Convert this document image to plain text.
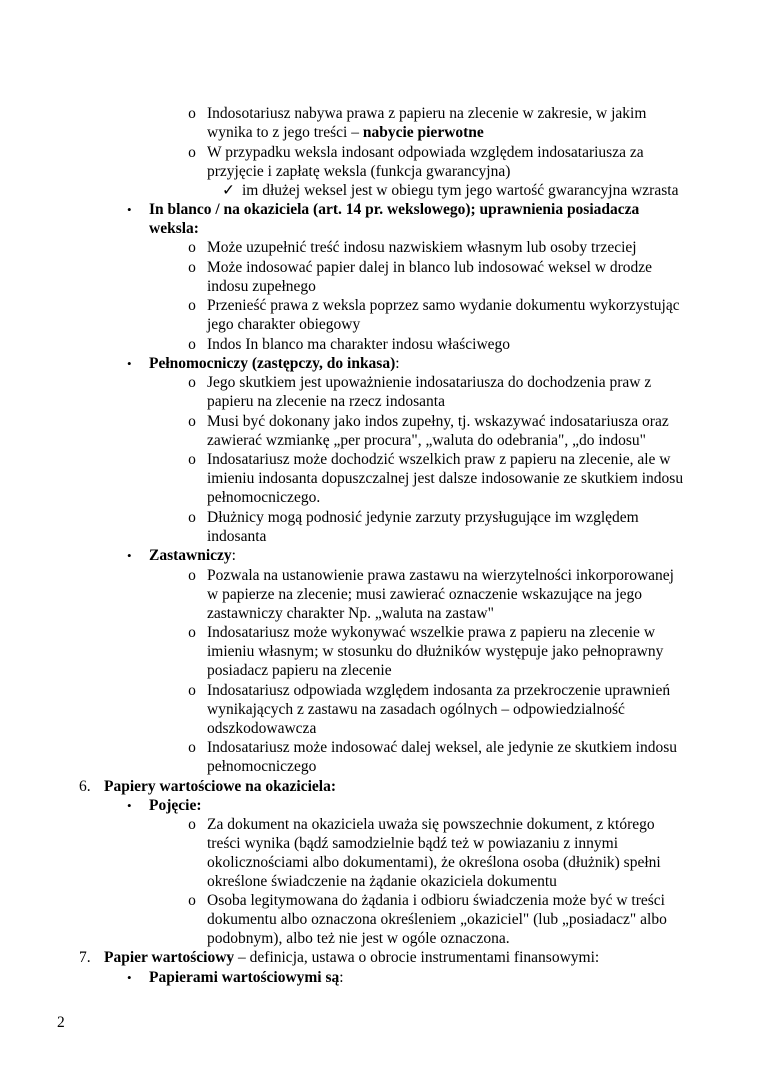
o Indosotariusz nabywa prawa z papieru na zlecenie w zakresie, w jakim
wynika to z jego treści – nabycie pierwotne
o W przypadku weksla indosant odpowiada względem indosatariusza za
przyjęcie i zapłatę weksla (funkcja gwarancyjna)
✓ im dłużej weksel jest w obiegu tym jego wartość gwarancyjna wzrasta
• In blanco / na okaziciela (art. 14 pr. wekslowego); uprawnienia posiadacza
weksla:
o Może uzupełnić treść indosu nazwiskiem własnym lub osoby trzeciej
o Może indosować papier dalej in blanco lub indosować weksel w drodze
indosu zupełnego
o Przenieść prawa z weksla poprzez samo wydanie dokumentu wykorzystując
jego charakter obiegowy
o Indos In blanco ma charakter indosu właściwego
• Pełnomocniczy (zastępczy, do inkasa):
o Jego skutkiem jest upoważnienie indosatariusza do dochodzenia praw z
papieru na zlecenie na rzecz indosanta
o Musi być dokonany jako indos zupełny, tj. wskazywać indosatariusza oraz
zawierać wzmiankę „per procura", „waluta do odebrania", „do indosu"
o Indosatariusz może dochodzić wszelkich praw z papieru na zlecenie, ale w
imieniu indosanta dopuszczalnej jest dalsze indosowanie ze skutkiem indosu
pełnomocniczego.
o Dłużnicy mogą podnosić jedynie zarzuty przysługujące im względem
indosanta
• Zastawniczy:
o Pozwala na ustanowienie prawa zastawu na wierzytelności inkorporowanej
w papierze na zlecenie; musi zawierać oznaczenie wskazujące na jego
zastawniczy charakter Np. „waluta na zastaw"
o Indosatariusz może wykonywać wszelkie prawa z papieru na zlecenie w
imieniu własnym; w stosunku do dłużników występuje jako pełnoprawny
posiadacz papieru na zlecenie
o Indosatariusz odpowiada względem indosanta za przekroczenie uprawnień
wynikających z zastawu na zasadach ogólnych – odpowiedzialność
odszkodowawcza
o Indosatariusz może indosować dalej weksel, ale jedynie ze skutkiem indosu
pełnomocniczego
6. Papiery wartościowe na okaziciela:
• Pojęcie:
o Za dokument na okaziciela uważa się powszechnie dokument, z którego
treści wynika (bądź samodzielnie bądź też w powiazaniu z innymi
okolicznościami albo dokumentami), że określona osoba (dłużnik) spełni
określone świadczenie na żądanie okaziciela dokumentu
o Osoba legitymowana do żądania i odbioru świadczenia może być w treści
dokumentu albo oznaczona określeniem „okaziciel" (lub „posiadacz" albo
podobnym), albo też nie jest w ogóle oznaczona.
7. Papier wartościowy – definicja, ustawa o obrocie instrumentami finansowymi:
• Papierami wartościowymi są:
2
